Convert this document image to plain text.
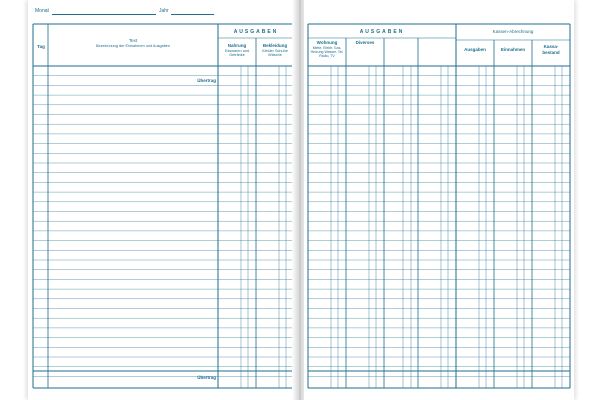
Monat	Jahr
Tag
Text
Bezeichnung der Einnahmen und Ausgaben
AUSGABEN
Nahrung
Esswaren und Getränke
Bekleidung
Kleider Schuhe Wäsche
Übertrag
Übertrag
AUSGABEN
Wohnung
Miete, Elektr. Gas, Heizung Wasser, Tel. Radio, TV
Diverses
Kassen-Abrechnung
Ausgaben	Einnahmen
Kassa-
bestand
